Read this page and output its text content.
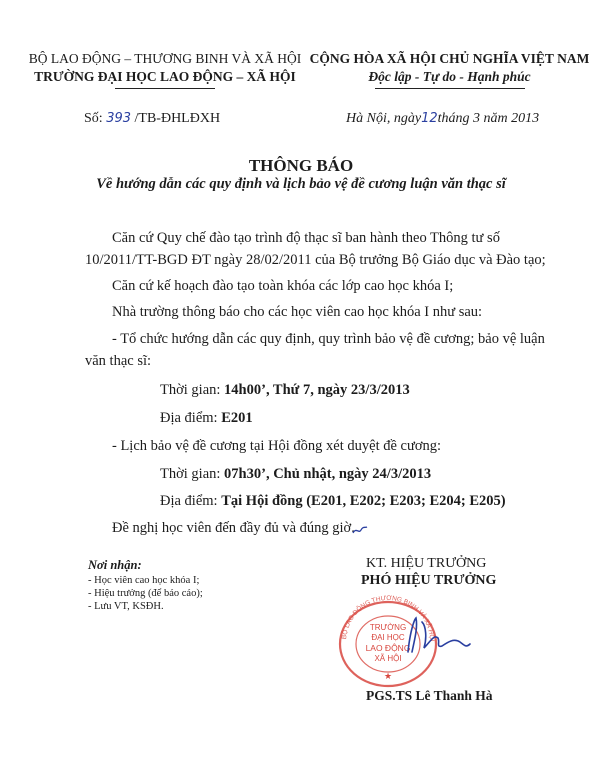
BỘ LAO ĐỘNG – THƯƠNG BINH VÀ XÃ HỘI
TRƯỜNG ĐẠI HỌC LAO ĐỘNG – XÃ HỘI
CỘNG HÒA XÃ HỘI CHỦ NGHĨA VIỆT NAM
Độc lập - Tự do - Hạnh phúc
Số: 393 /TB-ĐHLĐXH	Hà Nội, ngày12tháng 3 năm 2013
THÔNG BÁO
Về hướng dẫn các quy định và lịch bảo vệ đề cương luận văn thạc sĩ
Căn cứ Quy chế đào tạo trình độ thạc sĩ ban hành theo Thông tư số
10/2011/TT-BGD ĐT ngày 28/02/2011 của Bộ trưởng Bộ Giáo dục và Đào tạo;
Căn cứ kế hoạch đào tạo toàn khóa các lớp cao học khóa I;
Nhà trường thông báo cho các học viên cao học khóa I như sau:
- Tổ chức hướng dẫn các quy định, quy trình bảo vệ đề cương; bảo vệ luận
văn thạc sĩ:
Thời gian: 14h00’, Thứ 7, ngày 23/3/2013
Địa điểm: E201
- Lịch bảo vệ đề cương tại Hội đồng xét duyệt đề cương:
Thời gian: 07h30’, Chủ nhật, ngày 24/3/2013
Địa điểm: Tại Hội đồng (E201, E202; E203; E204; E205)
Đề nghị học viên đến đầy đủ và đúng giờ.
Nơi nhận:
- Học viên cao học khóa I;
- Hiệu trưởng (để báo cáo);
- Lưu VT, KSĐH.
KT. HIỆU TRƯỞNG
PHÓ HIỆU TRƯỞNG
BỘ LAO ĐỘNG THƯƠNG BINH VÀ XÃ HỘI
TRƯỜNG
ĐẠI HỌC
LAO ĐỘNG
XÃ HỘI
★
PGS.TS Lê Thanh Hà
